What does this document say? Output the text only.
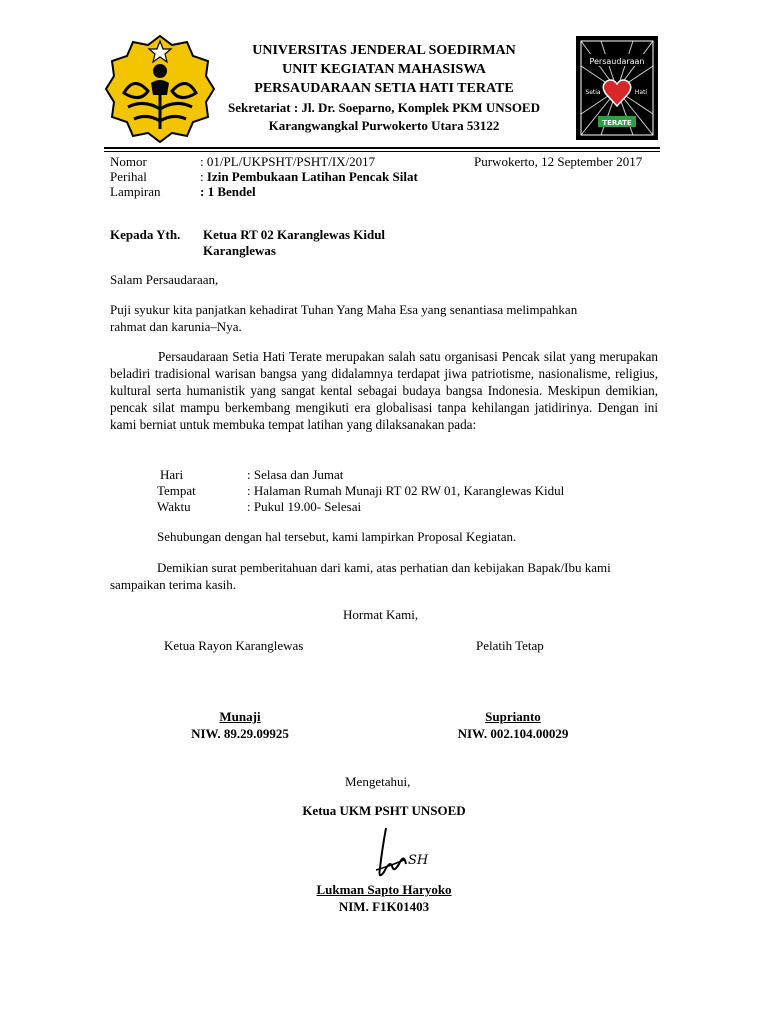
UNIVERSITAS JENDERAL SOEDIRMAN
UNIT KEGIATAN MAHASISWA
PERSAUDARAAN SETIA HATI TERATE
Sekretariat : Jl. Dr. Soeparno, Komplek PKM UNSOED
Karangwangkal Purwokerto Utara 53122
Persaudaraan
Setia	Hati
TERATE
Nomor	: 01/PL/UKPSHT/PSHT/IX/2017	Purwokerto, 12 September 2017
Perihal	: Izin Pembukaan Latihan Pencak Silat
Lampiran	: 1 Bendel
Kepada Yth. Ketua RT 02 Karanglewas Kidul
Karanglewas
Salam Persaudaraan,
Puji syukur kita panjatkan kehadirat Tuhan Yang Maha Esa yang senantiasa melimpahkan
rahmat dan karunia–Nya.
Persaudaraan Setia Hati Terate merupakan salah satu organisasi Pencak silat yang merupakan beladiri tradisional warisan bangsa yang didalamnya terdapat jiwa patriotisme, nasionalisme, religius, kultural serta humanistik yang sangat kental sebagai budaya bangsa Indonesia. Meskipun demikian, pencak silat mampu berkembang mengikuti era globalisasi tanpa kehilangan jatidirinya. Dengan ini kami berniat untuk membuka tempat latihan yang dilaksanakan pada:
Hari	: Selasa dan Jumat
Tempat	: Halaman Rumah Munaji RT 02 RW 01, Karanglewas Kidul
Waktu	: Pukul 19.00- Selesai
Sehubungan dengan hal tersebut, kami lampirkan Proposal Kegiatan.
Demikian surat pemberitahuan dari kami, atas perhatian dan kebijakan Bapak/Ibu kami
sampaikan terima kasih.
Hormat Kami,
Ketua Rayon Karanglewas	Pelatih Tetap
Munaji
NIW. 89.29.09925
Suprianto
NIW. 002.104.00029
Mengetahui,
Ketua UKM PSHT UNSOED
SH
Lukman Sapto Haryoko
NIM. F1K01403
